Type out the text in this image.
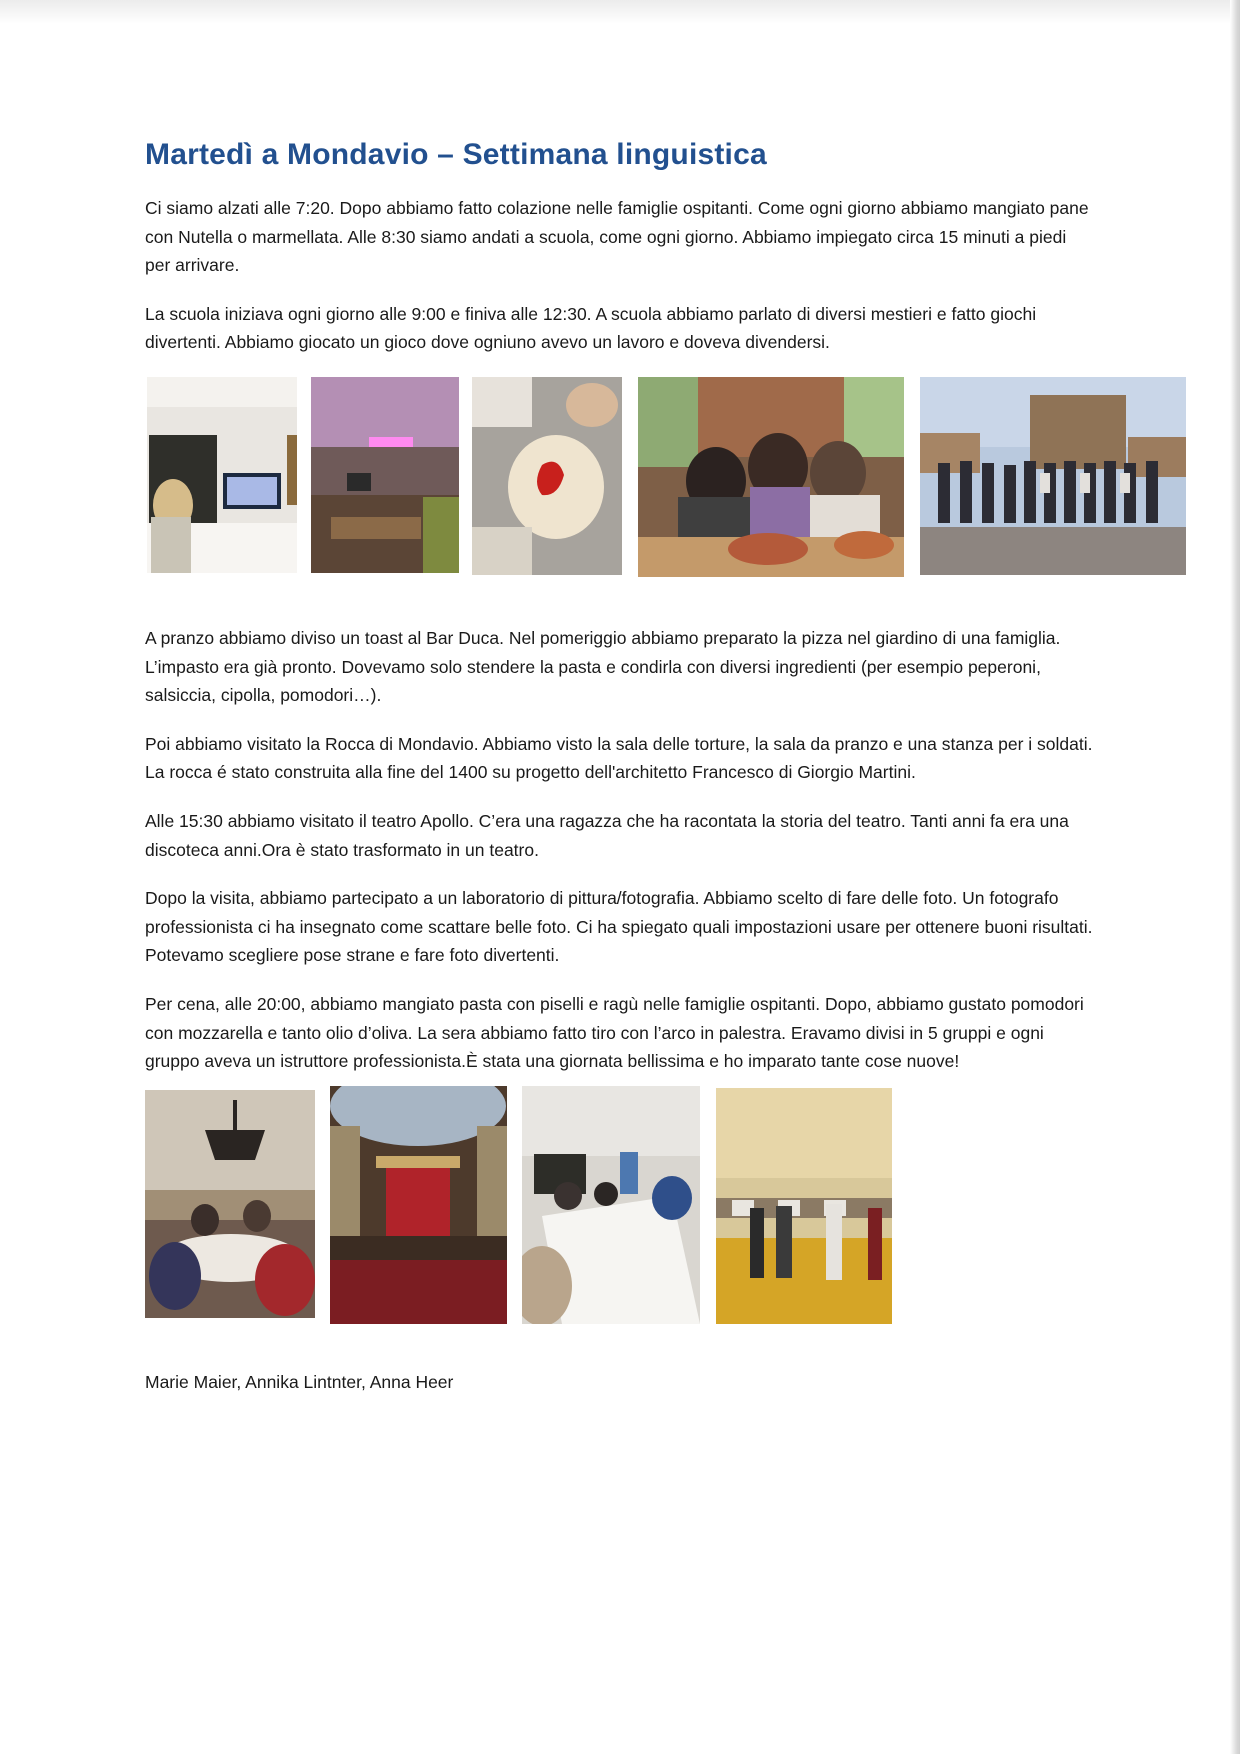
Martedì a Mondavio – Settimana linguistica

Ci siamo alzati alle 7:20. Dopo abbiamo fatto colazione nelle famiglie ospitanti. Come ogni giorno abbiamo mangiato pane con Nutella o marmellata. Alle 8:30 siamo andati a scuola, come ogni giorno. Abbiamo impiegato circa 15 minuti a piedi per arrivare.

La scuola iniziava ogni giorno alle 9:00 e finiva alle 12:30. A scuola abbiamo parlato di diversi mestieri e fatto giochi divertenti. Abbiamo giocato un gioco dove ogniuno avevo un lavoro e doveva divendersi.

A pranzo abbiamo diviso un toast al Bar Duca. Nel pomeriggio abbiamo preparato la pizza nel giardino di una famiglia. L’impasto era già pronto. Dovevamo solo stendere la pasta e condirla con diversi ingredienti (per esempio peperoni, salsiccia, cipolla, pomodori…).

Poi abbiamo visitato la Rocca di Mondavio. Abbiamo visto la sala delle torture, la sala da pranzo e una stanza per i soldati. La rocca é stato construita alla fine del 1400 su progetto dell'architetto Francesco di Giorgio Martini.

Alle 15:30 abbiamo visitato il teatro Apollo. C’era una ragazza che ha racontata la storia del teatro. Tanti anni fa era una discoteca anni.Ora è stato trasformato in un teatro.

Dopo la visita, abbiamo partecipato a un laboratorio di pittura/fotografia. Abbiamo scelto di fare delle foto. Un fotografo professionista ci ha insegnato come scattare belle foto. Ci ha spiegato quali impostazioni usare per ottenere buoni risultati. Potevamo scegliere pose strane e fare foto divertenti.

Per cena, alle 20:00, abbiamo mangiato pasta con piselli e ragù nelle famiglie ospitanti. Dopo, abbiamo gustato pomodori con mozzarella e tanto olio d’oliva. La sera abbiamo fatto tiro con l’arco in palestra. Eravamo divisi in 5 gruppi e ogni gruppo aveva un istruttore professionista.È stata una giornata bellissima e ho imparato tante cose nuove!

Marie Maier, Annika Lintnter, Anna Heer
